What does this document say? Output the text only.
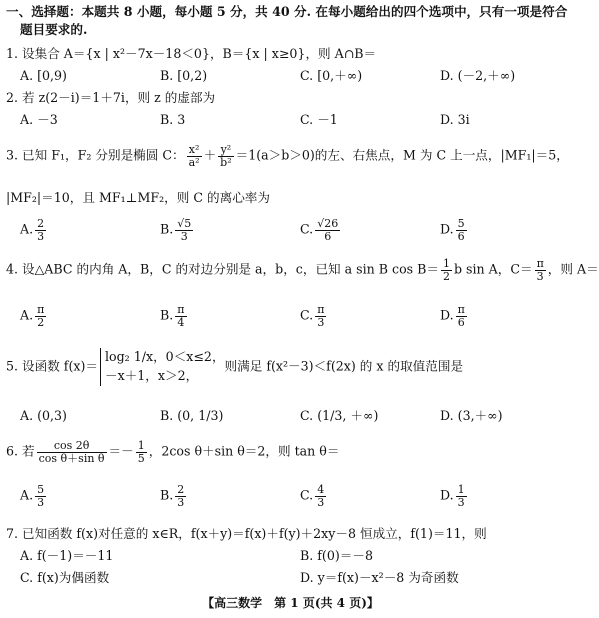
一、选择题：本题共 8 小题，每小题 5 分，共 40 分. 在每小题给出的四个选项中，只有一项是符合
题目要求的.
1. 设集合 A＝{x | x²－7x－18＜0}，B＝{x | x≥0}，则 A∩B＝
A. [0,9)	B. [0,2)	C. [0,＋∞)	D. (－2,＋∞)
2. 若 z(2－i)＝1＋7i，则 z 的虚部为
A. －3	B. 3	C. －1	D. 3i
3. 已知 F₁，F₂ 分别是椭圆 C： $\frac{\text{x²}}{\text{a²}} + \frac{\text{y²}}{\text{b²}} =1(a>b>0)$的左、右焦点，M 为 C 上一点，|MF₁|＝5，
|MF₂|＝10，且 MF₁⊥MF₂，则 C 的离心率为
A. $\frac{2}{3}$	B. $\frac{√5}{3}$	C. $\frac{√26}{6}$	D. $\frac{5}{6}$
4. 设△ABC 的内角 A，B，C 的对边分别是 a，b，c，已知 a sin B $\cos B= \frac{1}{2}$ b sin A，$C= \frac{\pi}{3}$ ，则 A＝
A. $\frac{\pi}{2}$	B. $\frac{\pi}{4}$	C. $\frac{\pi}{3}$	D. $\frac{\pi}{6}$
5. 设函数 f(x)＝
log₂ 1/x，0＜x≤2，
－x＋1，x＞2，
则满足 f(x²－3)＜f(2x) 的 x 的取值范围是
A. (0,3)	B. (0, 1/3)	C. (1/3, ＋∞)	D. (3,＋∞)
6. 若 $\frac{\cos 2\theta}{\text{cos θ＋sin θ}} =- \frac{1}{5}$ ，2cos θ＋sin θ＝2，则 tan θ＝
A. $\frac{5}{3}$	B. $\frac{2}{3}$	C. $\frac{4}{3}$	D. $\frac{1}{3}$
7. 已知函数 f(x)对任意的 x∈R，f(x＋y)＝f(x)＋f(y)＋2xy－8 恒成立，f(1)＝11，则
A. f(－1)＝－11	B. f(0)＝－8
C. f(x)为偶函数	D. y＝f(x)－x²－8 为奇函数
【高三数学　第 1 页(共 4 页)】
